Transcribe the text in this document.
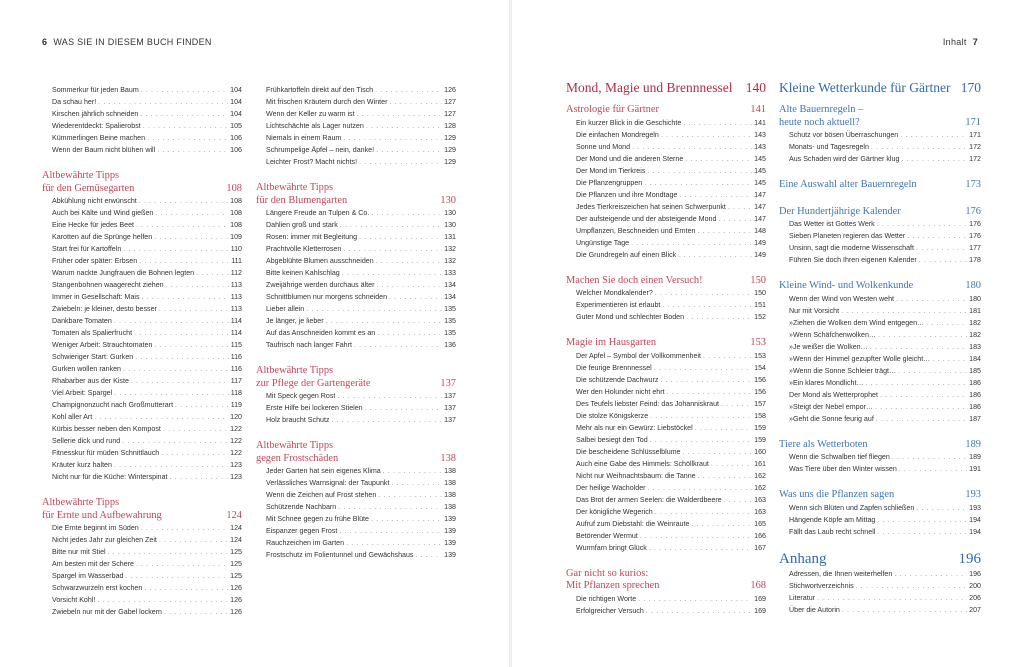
6 WAS SIE IN DIESEM BUCH FINDEN	Inhalt 7
Sommerkur für jeden Baum . . .	104
Da schau her! . . .	104
Kirschen jährlich schneiden . . .	104
Wiederentdeckt: Spalierobst . . .	105
Kümmerlingen Beine machen . . .	106
Wenn der Baum nicht blühen will . . .	106
Altbewährte Tipps
für den Gemüsegarten	108
Abkühlung nicht erwünscht . . .	108
Auch bei Kälte und Wind gießen . . .	108
Eine Hecke für jedes Beet . . .	108
Karotten auf die Sprünge helfen . . .	109
Start frei für Kartoffeln . . .	110
Früher oder später: Erbsen . . .	111
Warum nackte Jungfrauen die Bohnen legten . . .	112
Stangenbohnen waagerecht ziehen . . .	113
Immer in Gesellschaft: Mais . . .	113
Zwiebeln: je kleiner, desto besser . . .	113
Dankbare Tomaten . . .	114
Tomaten als Spalierfrucht . . .	114
Weniger Arbeit: Strauchtomaten . . .	115
Schwieriger Start: Gurken . . .	116
Gurken wollen ranken . . .	116
Rhabarber aus der Kiste . . .	117
Viel Arbeit: Spargel . . .	118
Champignonzucht nach Großmutterart . . .	119
Kohl aller Art . . .	120
Kürbis besser neben den Kompost . . .	122
Sellerie dick und rund . . .	122
Fitnesskur für müden Schnittlauch . . .	122
Kräuter kurz halten . . .	123
Nicht nur für die Küche: Winterspinat . . .	123
Altbewährte Tipps
für Ernte und Aufbewahrung	124
Die Ernte beginnt im Süden . . .	124
Nicht jedes Jahr zur gleichen Zeit . . .	124
Bitte nur mit Stiel . . .	125
Am besten mit der Schere . . .	125
Spargel im Wasserbad . . .	125
Schwarzwurzeln erst kochen . . .	126
Vorsicht Kohl! . . .	126
Zwiebeln nur mit der Gabel lockern . . .	126
Frühkartoffeln direkt auf den Tisch . . .	126
Mit frischen Kräutern durch den Winter . . .	127
Wenn der Keller zu warm ist . . .	127
Lichtschächte als Lager nutzen . . .	128
Niemals in einem Raum . . .	129
Schrumpelige Äpfel – nein, danke! . . .	129
Leichter Frost? Macht nichts! . . .	129
Altbewährte Tipps
für den Blumengarten	130
Längere Freude an Tulpen & Co. . . .	130
Dahlien groß und stark . . .	130
Rosen: immer mit Begleitung . . .	131
Prachtvolle Kletterrosen . . .	132
Abgeblühte Blumen ausschneiden . . .	132
Bitte keinen Kahlschlag . . .	133
Zweijährige werden durchaus älter . . .	134
Schnittblumen nur morgens schneiden . . .	134
Lieber allein . . .	135
Je länger, je lieber . . .	135
Auf das Anschneiden kommt es an . . .	135
Taufrisch nach langer Fahrt . . .	136
Altbewährte Tipps
zur Pflege der Gartengeräte	137
Mit Speck gegen Rost . . .	137
Erste Hilfe bei lockeren Stielen . . .	137
Holz braucht Schutz . . .	137
Altbewährte Tipps
gegen Frostschäden	138
Jeder Garten hat sein eigenes Klima . . .	138
Verlässliches Warnsignal: der Taupunkt . . .	138
Wenn die Zeichen auf Frost stehen . . .	138
Schützende Nachbarn . . .	138
Mit Schnee gegen zu frühe Blüte . . .	139
Eispanzer gegen Frost . . .	139
Rauchzeichen im Garten . . .	139
Frostschutz im Folientunnel und Gewächshaus . . .	139
Mond, Magie und Brennnessel 140
Astrologie für Gärtner	141
Ein kurzer Blick in die Geschichte . . .	141
Die einfachen Mondregeln . . .	143
Sonne und Mond . . .	143
Der Mond und die anderen Sterne . . .	145
Der Mond im Tierkreis . . .	145
Die Pflanzengruppen . . .	145
Die Pflanzen und ihre Mondtage . . .	147
Jedes Tierkreiszeichen hat seinen Schwerpunkt . . .	147
Der aufsteigende und der absteigende Mond . . .	147
Umpflanzen, Beschneiden und Ernten . . .	148
Ungünstige Tage . . .	149
Die Grundregeln auf einen Blick . . .	149
Machen Sie doch einen Versuch!	150
Welcher Mondkalender? . . .	150
Experimentieren ist erlaubt . . .	151
Guter Mond und schlechter Boden . . .	152
Magie im Hausgarten	153
Der Apfel – Symbol der Vollkommenheit . . .	153
Die feurige Brennnessel . . .	154
Die schützende Dachwurz . . .	156
Wer den Holunder nicht ehrt . . .	156
Des Teufels liebster Feind: das Johanniskraut . . .	157
Die stolze Königskerze . . .	158
Mehr als nur ein Gewürz: Liebstöckel . . .	159
Salbei besiegt den Tod . . .	159
Die bescheidene Schlüsselblume . . .	160
Auch eine Gabe des Himmels: Schöllkraut . . .	161
Nicht nur Weihnachtsbaum: die Tanne . . .	162
Der heilige Wacholder . . .	162
Das Brot der armen Seelen: die Walderdbeere . . .	163
Der königliche Wegerich . . .	163
Aufruf zum Diebstahl: die Weinraute . . .	165
Betörender Wermut . . .	166
Wurmfarn bringt Glück . . .	167
Gar nicht so kurios:
Mit Pflanzen sprechen	168
Die richtigen Worte . . .	169
Erfolgreicher Versuch . . .	169
Kleine Wetterkunde für Gärtner 170
Alte Bauernregeln –
heute noch aktuell?	171
Schutz vor bösen Überraschungen . . .	171
Monats- und Tagesregeln . . .	172
Aus Schaden wird der Gärtner klug . . .	172
Eine Auswahl alter Bauernregeln	173
Der Hundertjährige Kalender	176
Das Wetter ist Gottes Werk . . .	176
Sieben Planeten regieren das Wetter . . .	176
Unsinn, sagt die moderne Wissenschaft . . .	177
Führen Sie doch Ihren eigenen Kalender . . .	178
Kleine Wind- und Wolkenkunde	180
Wenn der Wind von Westen weht . . .	180
Nur mit Vorsicht . . .	181
»Ziehen die Wolken dem Wind entgegen… . . .	182
»Wenn Schäfchenwolken… . . .	182
»Je weißer die Wolken… . . .	183
»Wenn der Himmel gezupfter Wolle gleicht… . . .	184
»Wenn die Sonne Schleier trägt… . . .	185
»Ein klares Mondlicht… . . .	186
Der Mond als Wetterprophet . . .	186
»Steigt der Nebel empor… . . .	186
»Geht die Sonne feurig auf . . .	187
Tiere als Wetterboten	189
Wenn die Schwalben tief fliegen . . .	189
Was Tiere über den Winter wissen . . .	191
Was uns die Pflanzen sagen	193
Wenn sich Blüten und Zapfen schließen . . .	193
Hängende Köpfe am Mittag . . .	194
Fällt das Laub recht schnell . . .	194
Anhang	196
Adressen, die Ihnen weiterhelfen . . .	196
Stichwortverzeichnis . . .	200
Literatur . . .	206
Über die Autorin . . .	207
